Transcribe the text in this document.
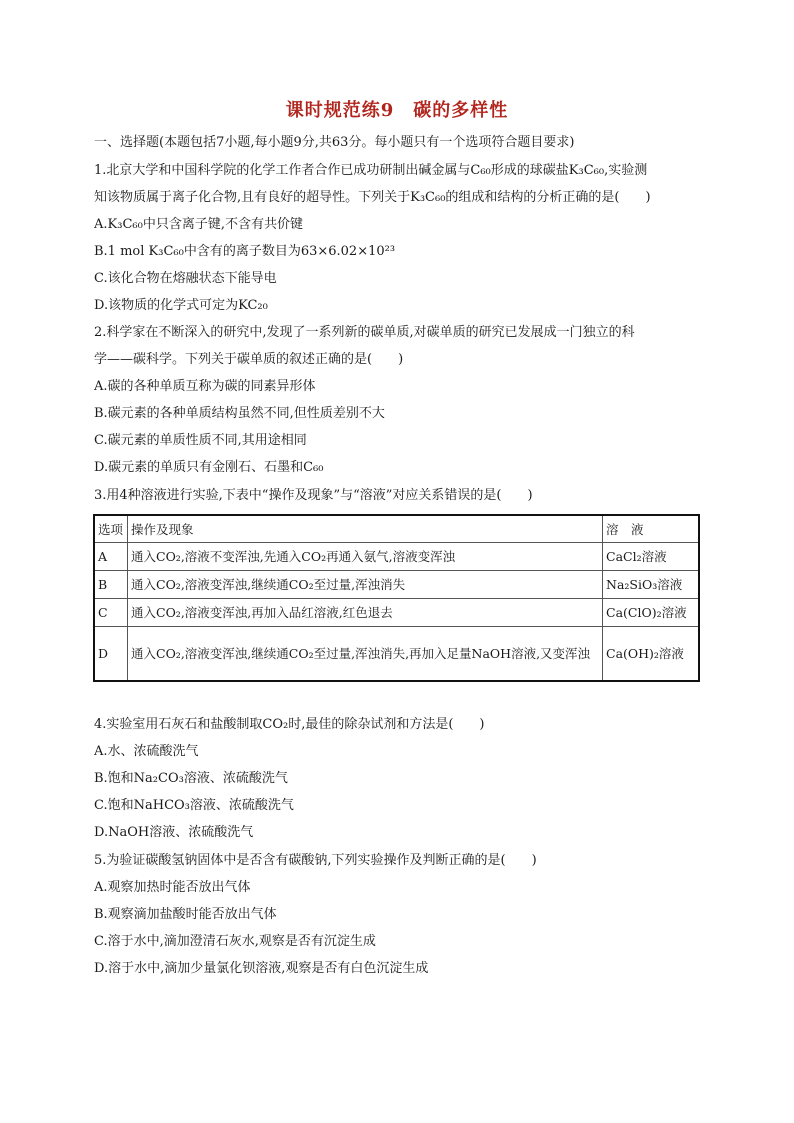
课时规范练9　碳的多样性
一、选择题(本题包括7小题,每小题9分,共63分。每小题只有一个选项符合题目要求)
1.北京大学和中国科学院的化学工作者合作已成功研制出碱金属与C₆₀形成的球碳盐K₃C₆₀,实验测
知该物质属于离子化合物,且有良好的超导性。下列关于K₃C₆₀的组成和结构的分析正确的是(　　)
A.K₃C₆₀中只含离子键,不含有共价键
B.1 mol K₃C₆₀中含有的离子数目为63×6.02×10²³
C.该化合物在熔融状态下能导电
D.该物质的化学式可定为KC₂₀
2.科学家在不断深入的研究中,发现了一系列新的碳单质,对碳单质的研究已发展成一门独立的科
学——碳科学。下列关于碳单质的叙述正确的是(　　)
A.碳的各种单质互称为碳的同素异形体
B.碳元素的各种单质结构虽然不同,但性质差别不大
C.碳元素的单质性质不同,其用途相同
D.碳元素的单质只有金刚石、石墨和C₆₀
3.用4种溶液进行实验,下表中“操作及现象”与“溶液”对应关系错误的是(　　)
选项	操作及现象	溶　液
A	通入CO₂,溶液不变浑浊,先通入CO₂再通入氨气,溶液变浑浊	CaCl₂溶液
B	通入CO₂,溶液变浑浊,继续通CO₂至过量,浑浊消失	Na₂SiO₃溶液
C	通入CO₂,溶液变浑浊,再加入品红溶液,红色退去	Ca(ClO)₂溶液
D	通入CO₂,溶液变浑浊,继续通CO₂至过量,浑浊消失,再加入足量NaOH溶液,又变浑浊	Ca(OH)₂溶液
4.实验室用石灰石和盐酸制取CO₂时,最佳的除杂试剂和方法是(　　)
A.水、浓硫酸洗气
B.饱和Na₂CO₃溶液、浓硫酸洗气
C.饱和NaHCO₃溶液、浓硫酸洗气
D.NaOH溶液、浓硫酸洗气
5.为验证碳酸氢钠固体中是否含有碳酸钠,下列实验操作及判断正确的是(　　)
A.观察加热时能否放出气体
B.观察滴加盐酸时能否放出气体
C.溶于水中,滴加澄清石灰水,观察是否有沉淀生成
D.溶于水中,滴加少量氯化钡溶液,观察是否有白色沉淀生成
